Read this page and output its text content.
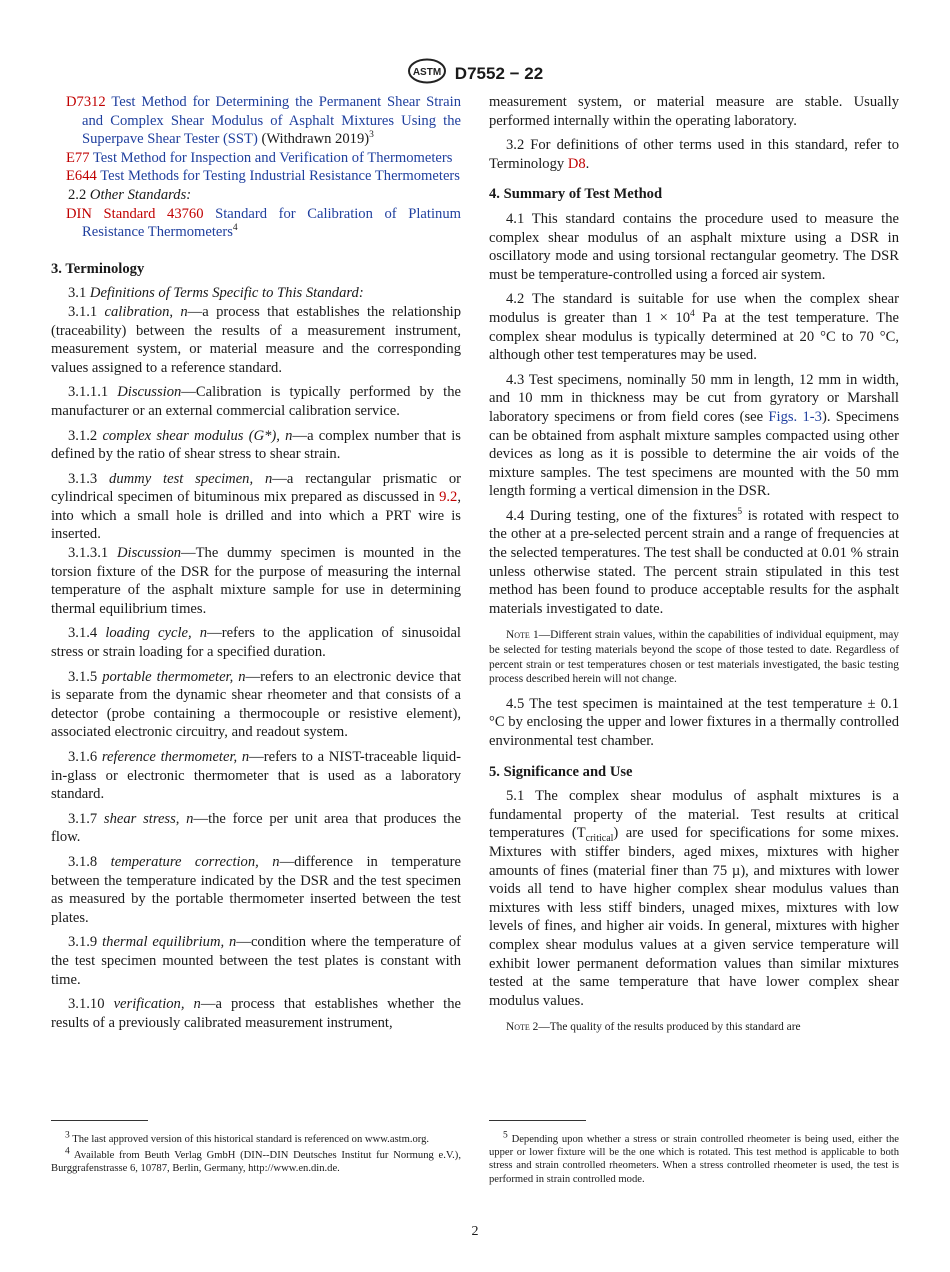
ASTM D7552 − 22

D7312 Test Method for Determining the Permanent Shear Strain and Complex Shear Modulus of Asphalt Mixtures Using the Superpave Shear Tester (SST) (Withdrawn 2019)$^3$

E77 Test Method for Inspection and Verification of Thermometers

E644 Test Methods for Testing Industrial Resistance Thermometers

2.2 Other Standards:

DIN Standard 43760 Standard for Calibration of Platinum Resistance Thermometers$^4$

3. Terminology

3.1 Definitions of Terms Specific to This Standard:

3.1.1 calibration, n—a process that establishes the relationship (traceability) between the results of a measurement instrument, measurement system, or material measure and the corresponding values assigned to a reference standard.

3.1.1.1 Discussion—Calibration is typically performed by the manufacturer or an external commercial calibration service.

3.1.2 complex shear modulus (G*), n—a complex number that is defined by the ratio of shear stress to shear strain.

3.1.3 dummy test specimen, n—a rectangular prismatic or cylindrical specimen of bituminous mix prepared as discussed in 9.2, into which a small hole is drilled and into which a PRT wire is inserted.

3.1.3.1 Discussion—The dummy specimen is mounted in the torsion fixture of the DSR for the purpose of measuring the internal temperature of the asphalt mixture sample for use in determining thermal equilibrium times.

3.1.4 loading cycle, n—refers to the application of sinusoidal stress or strain loading for a specified duration.

3.1.5 portable thermometer, n—refers to an electronic device that is separate from the dynamic shear rheometer and that consists of a detector (probe containing a thermocouple or resistive element), associated electronic circuitry, and readout system.

3.1.6 reference thermometer, n—refers to a NIST-traceable liquid-in-glass or electronic thermometer that is used as a laboratory standard.

3.1.7 shear stress, n—the force per unit area that produces the flow.

3.1.8 temperature correction, n—difference in temperature between the temperature indicated by the DSR and the test specimen as measured by the portable thermometer inserted between the test plates.

3.1.9 thermal equilibrium, n—condition where the temperature of the test specimen mounted between the test plates is constant with time.

3.1.10 verification, n—a process that establishes whether the results of a previously calibrated measurement instrument,

$^3$ The last approved version of this historical standard is referenced on www.astm.org.

$^4$ Available from Beuth Verlag GmbH (DIN--DIN Deutsches Institut fur Normung e.V.), Burggrafenstrasse 6, 10787, Berlin, Germany, http://www.en.din.de.

measurement system, or material measure are stable. Usually performed internally within the operating laboratory.

3.2 For definitions of other terms used in this standard, refer to Terminology D8.

4. Summary of Test Method

4.1 This standard contains the procedure used to measure the complex shear modulus of an asphalt mixture using a DSR in oscillatory mode and using torsional rectangular geometry. The DSR must be temperature-controlled using a forced air system.

4.2 The standard is suitable for use when the complex shear modulus is greater than $1 \times 10^4$ Pa at the test temperature. The complex shear modulus is typically determined at 20 °C to 70 °C, although other test temperatures may be used.

4.3 Test specimens, nominally 50 mm in length, 12 mm in width, and 10 mm in thickness may be cut from gyratory or Marshall laboratory specimens or from field cores (see Figs. 1-3). Specimens can be obtained from asphalt mixture samples compacted using other devices as long as it is possible to determine the air voids of the mixture samples. The test specimens are mounted with the 50 mm length forming a vertical dimension in the DSR.

4.4 During testing, one of the fixtures$^5$ is rotated with respect to the other at a pre-selected percent strain and a range of frequencies at the selected temperatures. The test shall be conducted at 0.01 % strain unless otherwise stated. The percent strain stipulated in this test method has been found to produce acceptable results for the asphalt materials investigated to date.

Note 1—Different strain values, within the capabilities of individual equipment, may be selected for testing materials beyond the scope of those tested to date. Regardless of percent strain or test temperatures chosen or test materials investigated, the basic testing process described herein will not change.

4.5 The test specimen is maintained at the test temperature ± 0.1 °C by enclosing the upper and lower fixtures in a thermally controlled environmental test chamber.

5. Significance and Use

5.1 The complex shear modulus of asphalt mixtures is a fundamental property of the material. Test results at critical temperatures $(T_{critical})$ are used for specifications for some mixes. Mixtures with stiffer binders, aged mixes, mixtures with higher amounts of fines (material finer than 75 µ), and mixtures with lower voids all tend to have higher complex shear modulus values than mixtures with less stiff binders, unaged mixes, mixtures with low levels of fines, and higher air voids. In general, mixtures with higher complex shear modulus values at a given service temperature will exhibit lower permanent deformation values than similar mixtures tested at the same temperature that have lower complex shear modulus values.

Note 2—The quality of the results produced by this standard are

$^5$ Depending upon whether a stress or strain controlled rheometer is being used, either the upper or lower fixture will be the one which is rotated. This test method is applicable to both stress and strain controlled rheometers. When a stress controlled rheometer is used, the test is performed in strain controlled mode.

2
